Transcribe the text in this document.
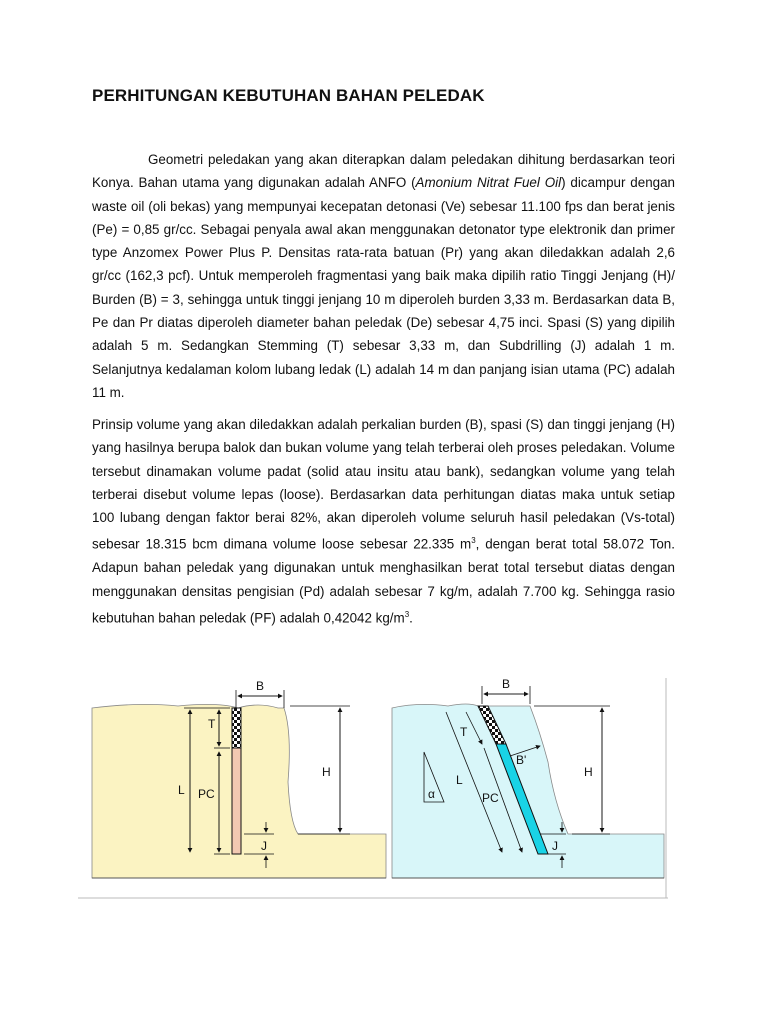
PERHITUNGAN KEBUTUHAN BAHAN PELEDAK

Geometri peledakan yang akan diterapkan dalam peledakan dihitung berdasarkan teori Konya. Bahan utama yang digunakan adalah ANFO (Amonium Nitrat Fuel Oil) dicampur dengan waste oil (oli bekas) yang mempunyai kecepatan detonasi (Ve) sebesar 11.100 fps dan berat jenis (Pe) = 0,85 gr/cc. Sebagai penyala awal akan menggunakan detonator type elektronik dan primer type Anzomex Power Plus P. Densitas rata-rata batuan (Pr) yang akan diledakkan adalah 2,6 gr/cc (162,3 pcf). Untuk memperoleh fragmentasi yang baik maka dipilih ratio Tinggi Jenjang (H)/ Burden (B) = 3, sehingga untuk tinggi jenjang 10 m diperoleh burden 3,33 m. Berdasarkan data B, Pe dan Pr diatas diperoleh diameter bahan peledak (De) sebesar 4,75 inci. Spasi (S) yang dipilih adalah 5 m. Sedangkan Stemming (T) sebesar 3,33 m, dan Subdrilling (J) adalah 1 m. Selanjutnya kedalaman kolom lubang ledak (L) adalah 14 m dan panjang isian utama (PC) adalah 11 m.

Prinsip volume yang akan diledakkan adalah perkalian burden (B), spasi (S) dan tinggi jenjang (H) yang hasilnya berupa balok dan bukan volume yang telah terberai oleh proses peledakan. Volume tersebut dinamakan volume padat (solid atau insitu atau bank), sedangkan volume yang telah terberai disebut volume lepas (loose). Berdasarkan data perhitungan diatas maka untuk setiap 100 lubang dengan faktor berai 82%, akan diperoleh volume seluruh hasil peledakan (Vs-total) sebesar 18.315 bcm dimana volume loose sebesar 22.335 $m^3$, dengan berat total 58.072 Ton. Adapun bahan peledak yang digunakan untuk menghasilkan berat total tersebut diatas dengan menggunakan densitas pengisian (Pd) adalah sebesar 7 kg/m, adalah 7.700 kg. Sehingga rasio kebutuhan bahan peledak (PF) adalah 0,42042 $kg/m^3$.

B
T
PC
L
H
J
B
B'
T
PC
L
α
H
J
